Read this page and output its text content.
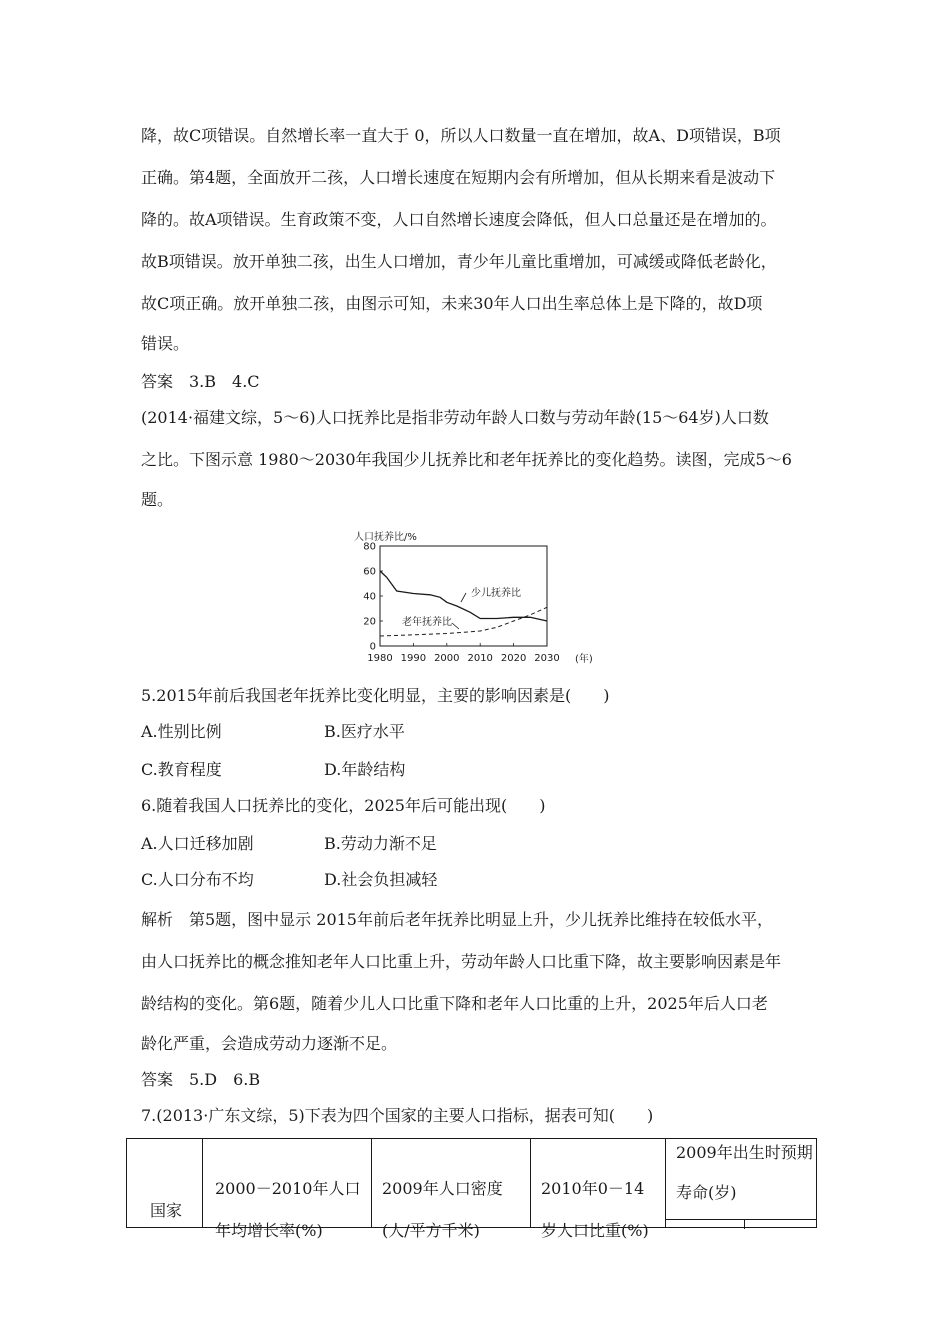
降，故C项错误。自然增长率一直大于 0，所以人口数量一直在增加，故A、D项错误，B项
正确。第4题，全面放开二孩，人口增长速度在短期内会有所增加，但从长期来看是波动下
降的。故A项错误。生育政策不变，人口自然增长速度会降低，但人口总量还是在增加的。
故B项错误。放开单独二孩，出生人口增加，青少年儿童比重增加，可减缓或降低老龄化，
故C项正确。放开单独二孩，由图示可知，未来30年人口出生率总体上是下降的，故D项
错误。
答案　3.B　4.C
(2014·福建文综，5～6)人口抚养比是指非劳动年龄人口数与劳动年龄(15～64岁)人口数
之比。下图示意 1980～2030年我国少儿抚养比和老年抚养比的变化趋势。读图，完成5～6
题。
人口抚养比/%
0
20
40
60
80
1980 1990 2000 2010 2020 2030
少儿抚养比
老年抚养比
(年)
5.2015年前后我国老年抚养比变化明显，主要的影响因素是(　　)
A.性别比例	B.医疗水平
C.教育程度	D.年龄结构
6.随着我国人口抚养比的变化，2025年后可能出现(　　)
A.人口迁移加剧	B.劳动力渐不足
C.人口分布不均	D.社会负担减轻
解析　第5题，图中显示 2015年前后老年抚养比明显上升，少儿抚养比维持在较低水平，
由人口抚养比的概念推知老年人口比重上升，劳动年龄人口比重下降，故主要影响因素是年
龄结构的变化。第6题，随着少儿人口比重下降和老年人口比重的上升，2025年后人口老
龄化严重，会造成劳动力逐渐不足。
答案　5.D　6.B
7.(2013·广东文综，5)下表为四个国家的主要人口指标，据表可知(　　)
国家

2000－2010年人口
年均增长率(%)

2009年人口密度
(人/平方千米)

2010年0－14
岁人口比重(%)

2009年出生时预期
寿命(岁)
